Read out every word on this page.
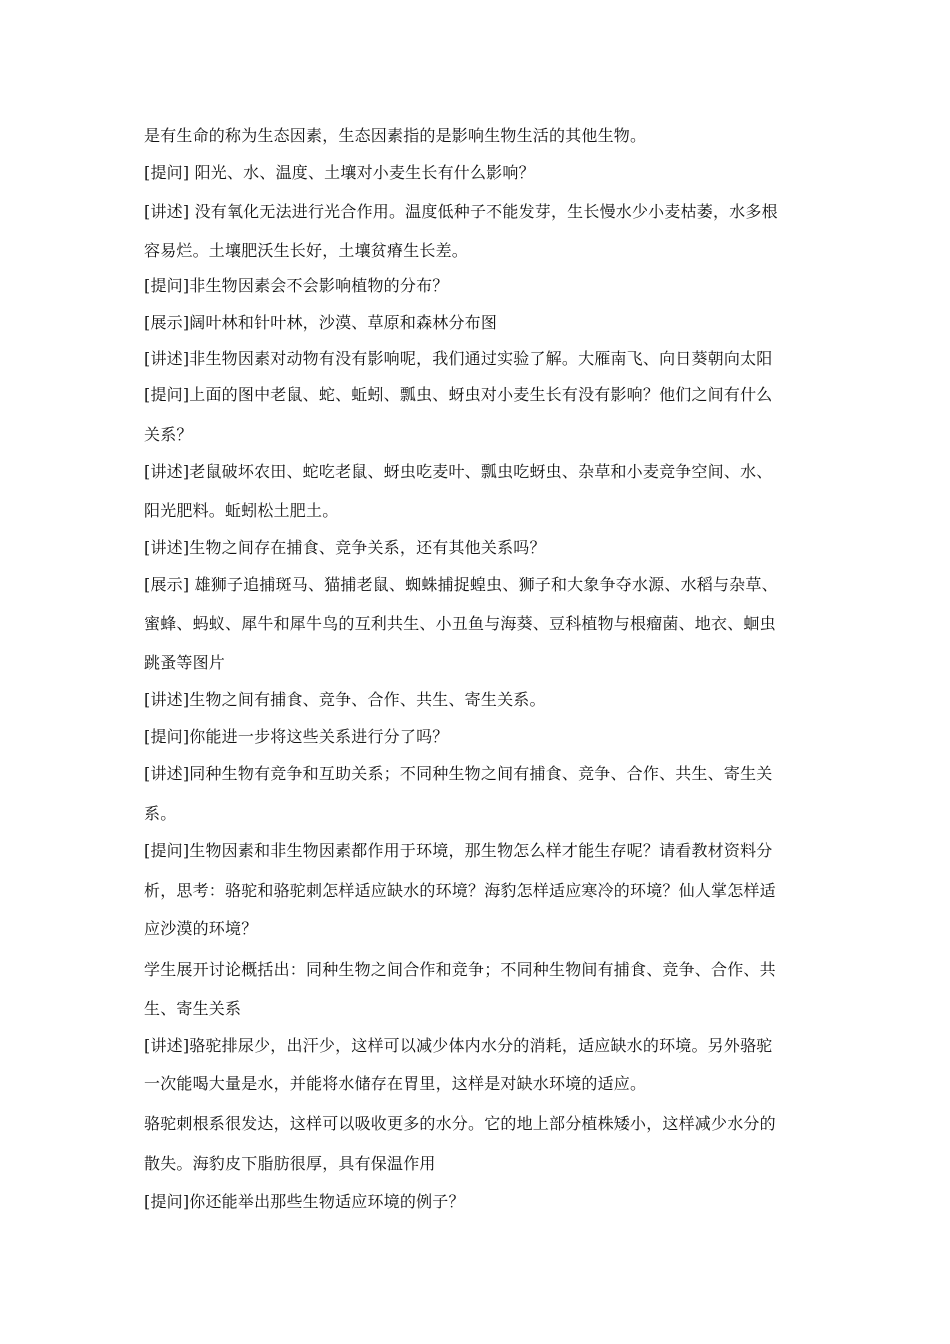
是有生命的称为生态因素，生态因素指的是影响生物生活的其他生物。
[提问] 阳光、水、温度、土壤对小麦生长有什么影响？
[讲述] 没有氧化无法进行光合作用。温度低种子不能发芽，生长慢水少小麦枯萎，水多根
容易烂。土壤肥沃生长好，土壤贫瘠生长差。
[提问]非生物因素会不会影响植物的分布？
[展示]阔叶林和针叶林，沙漠、草原和森林分布图
[讲述]非生物因素对动物有没有影响呢，我们通过实验了解。大雁南飞、向日葵朝向太阳
[提问]上面的图中老鼠、蛇、蚯蚓、瓢虫、蚜虫对小麦生长有没有影响？他们之间有什么
关系？
[讲述]老鼠破坏农田、蛇吃老鼠、蚜虫吃麦叶、瓢虫吃蚜虫、杂草和小麦竞争空间、水、
阳光肥料。蚯蚓松土肥土。
[讲述]生物之间存在捕食、竞争关系，还有其他关系吗？
[展示] 雄狮子追捕斑马、猫捕老鼠、蜘蛛捕捉蝗虫、狮子和大象争夺水源、水稻与杂草、
蜜蜂、蚂蚁、犀牛和犀牛鸟的互利共生、小丑鱼与海葵、豆科植物与根瘤菌、地衣、蛔虫
跳蚤等图片
[讲述]生物之间有捕食、竞争、合作、共生、寄生关系。
[提问]你能进一步将这些关系进行分了吗？
[讲述]同种生物有竞争和互助关系；不同种生物之间有捕食、竞争、合作、共生、寄生关
系。
[提问]生物因素和非生物因素都作用于环境，那生物怎么样才能生存呢？请看教材资料分
析，思考：骆驼和骆驼刺怎样适应缺水的环境？海豹怎样适应寒冷的环境？仙人掌怎样适
应沙漠的环境？
学生展开讨论概括出：同种生物之间合作和竞争；不同种生物间有捕食、竞争、合作、共
生、寄生关系
[讲述]骆驼排尿少，出汗少，这样可以减少体内水分的消耗，适应缺水的环境。另外骆驼
一次能喝大量是水，并能将水储存在胃里，这样是对缺水环境的适应。
骆驼刺根系很发达，这样可以吸收更多的水分。它的地上部分植株矮小，这样减少水分的
散失。海豹皮下脂肪很厚，具有保温作用
[提问]你还能举出那些生物适应环境的例子？
